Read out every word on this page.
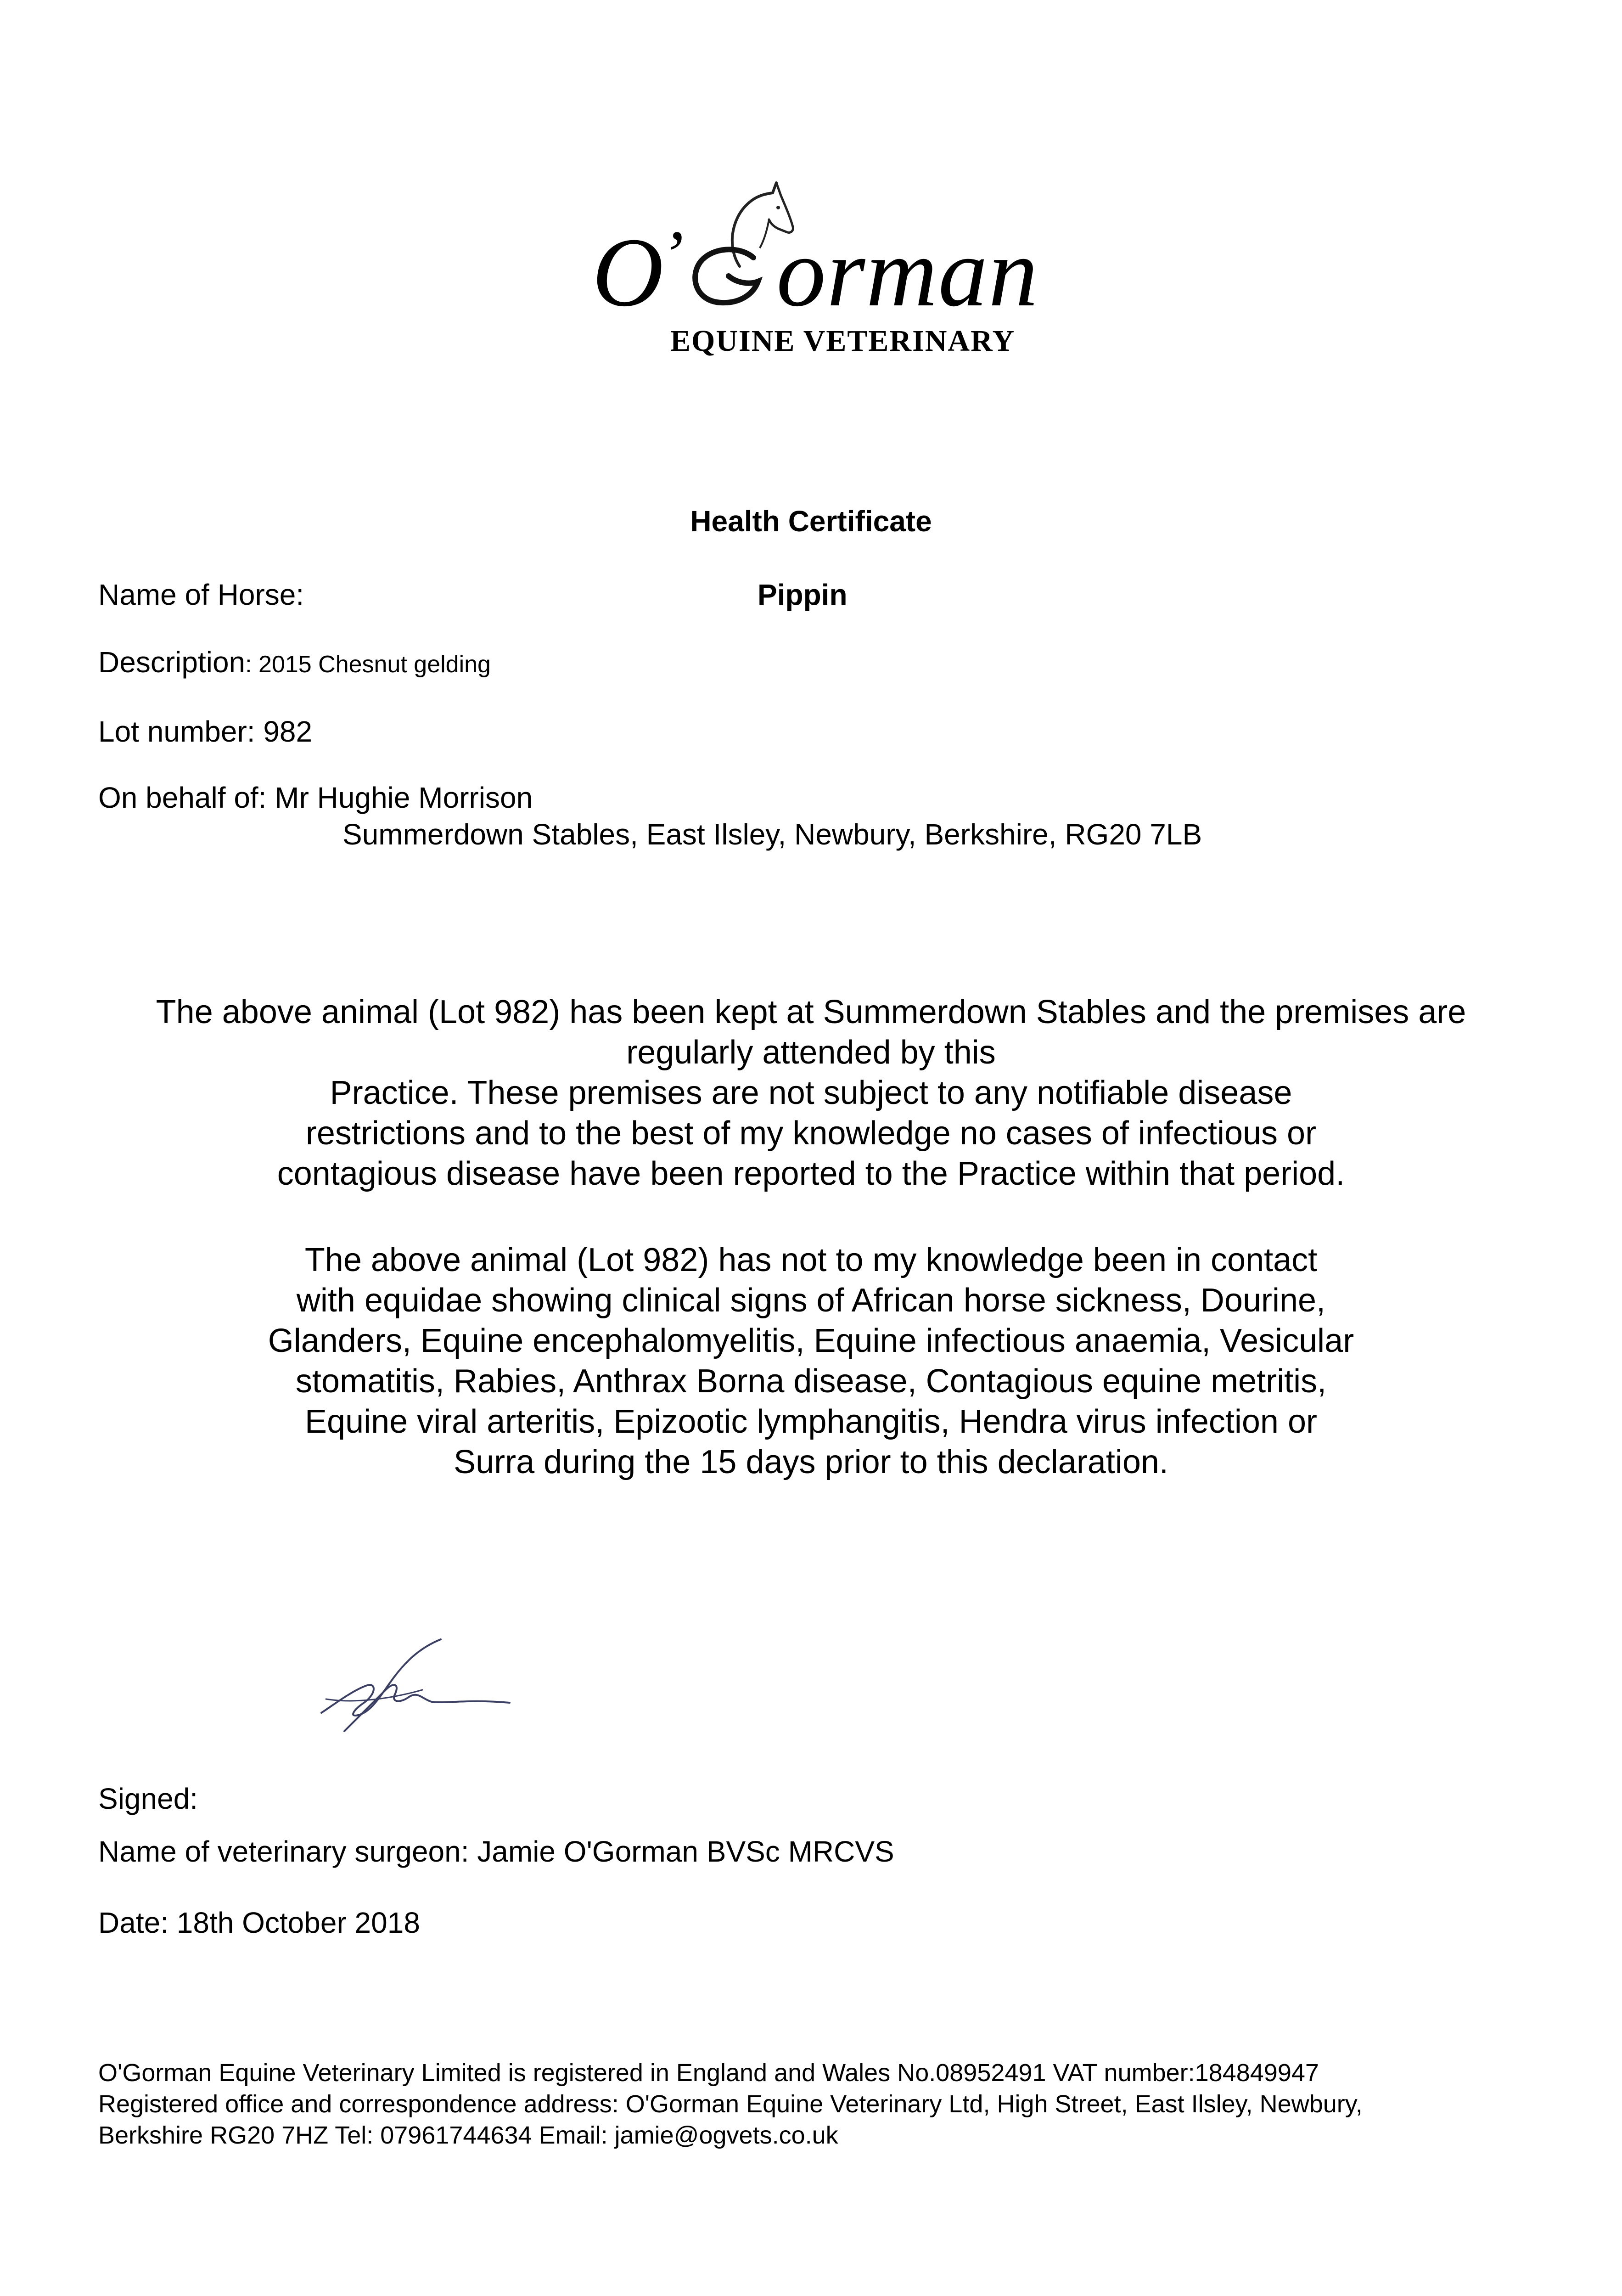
O’ orman
EQUINE VETERINARY
Health Certificate
Name of Horse:	Pippin
Description: 2015 Chesnut gelding
Lot number: 982
On behalf of: Mr Hughie Morrison
Summerdown Stables, East Ilsley, Newbury, Berkshire, RG20 7LB
The above animal (Lot 982) has been kept at Summerdown Stables and the premises are
regularly attended by this
Practice. These premises are not subject to any notifiable disease
restrictions and to the best of my knowledge no cases of infectious or
contagious disease have been reported to the Practice within that period.
The above animal (Lot 982) has not to my knowledge been in contact
with equidae showing clinical signs of African horse sickness, Dourine,
Glanders, Equine encephalomyelitis, Equine infectious anaemia, Vesicular
stomatitis, Rabies, Anthrax Borna disease, Contagious equine metritis,
Equine viral arteritis, Epizootic lymphangitis, Hendra virus infection or
Surra during the 15 days prior to this declaration.
Signed:
Name of veterinary surgeon: Jamie O'Gorman BVSc MRCVS
Date: 18th October 2018
O'Gorman Equine Veterinary Limited is registered in England and Wales No.08952491 VAT number:184849947
Registered office and correspondence address: O'Gorman Equine Veterinary Ltd, High Street, East Ilsley, Newbury,
Berkshire RG20 7HZ Tel: 07961744634 Email: jamie@ogvets.co.uk
